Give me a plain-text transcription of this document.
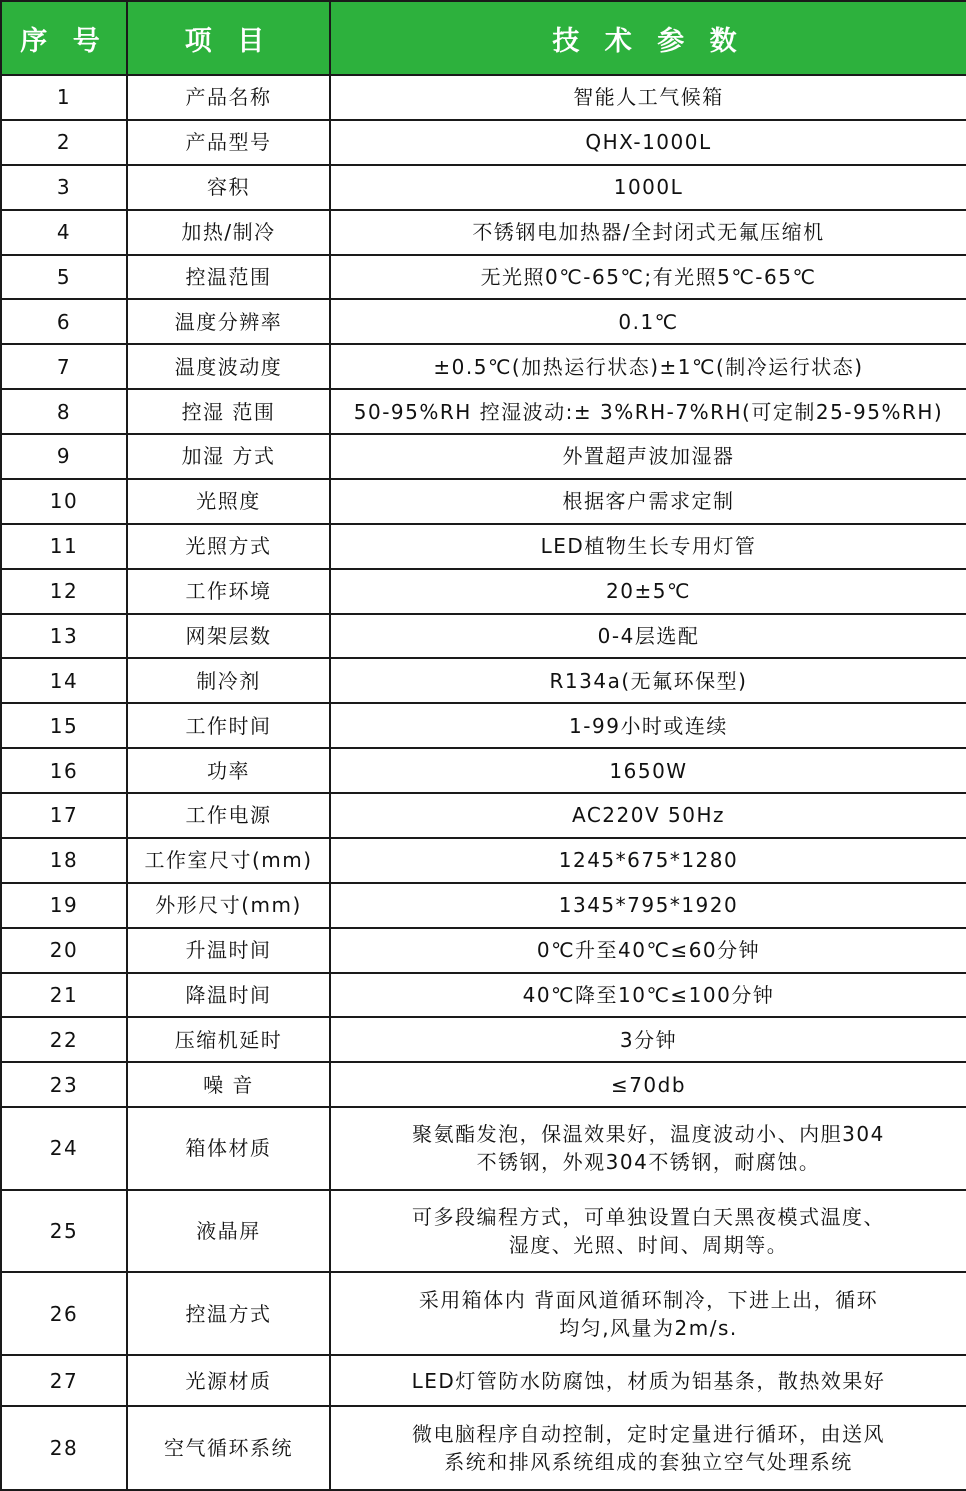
序 号	项 目	技 术 参 数
1	产品名称	智能人工气候箱

2	产品型号	QHX-1000L

3	容积	1000L

4	加热/制冷	不锈钢电加热器/全封闭式无氟压缩机

5	控温范围	无光照0℃-65℃;有光照5℃-65℃

6	温度分辨率	0.1℃

7	温度波动度	±0.5℃(加热运行状态)±1℃(制冷运行状态)

8	控湿 范围	50-95%RH 控湿波动:± 3%RH-7%RH(可定制25-95%RH)

9	加湿 方式	外置超声波加湿器

10	光照度	根据客户需求定制

11	光照方式	LED植物生长专用灯管

12	工作环境	20±5℃

13	网架层数	0-4层选配

14	制冷剂	R134a(无氟环保型)

15	工作时间	1-99小时或连续

16	功率	1650W

17	工作电源	AC220V 50Hz

18	工作室尺寸(mm)	1245*675*1280

19	外形尺寸(mm)	1345*795*1920

20	升温时间	0℃升至40℃≤60分钟

21	降温时间	40℃降至10℃≤100分钟

22	压缩机延时	3分钟

23	噪 音	≤70db

24	箱体材质	聚氨酯发泡，保温效果好，温度波动小、内胆304
不锈钢，外观304不锈钢，耐腐蚀。

25	液晶屏	可多段编程方式，可单独设置白天黑夜模式温度、
湿度、光照、时间、周期等。

26	控温方式	采用箱体内 背面风道循环制冷，下进上出，循环
均匀,风量为2m/s.

27	光源材质	LED灯管防水防腐蚀，材质为铝基条，散热效果好

28	空气循环系统	微电脑程序自动控制，定时定量进行循环，由送风
系统和排风系统组成的套独立空气处理系统
